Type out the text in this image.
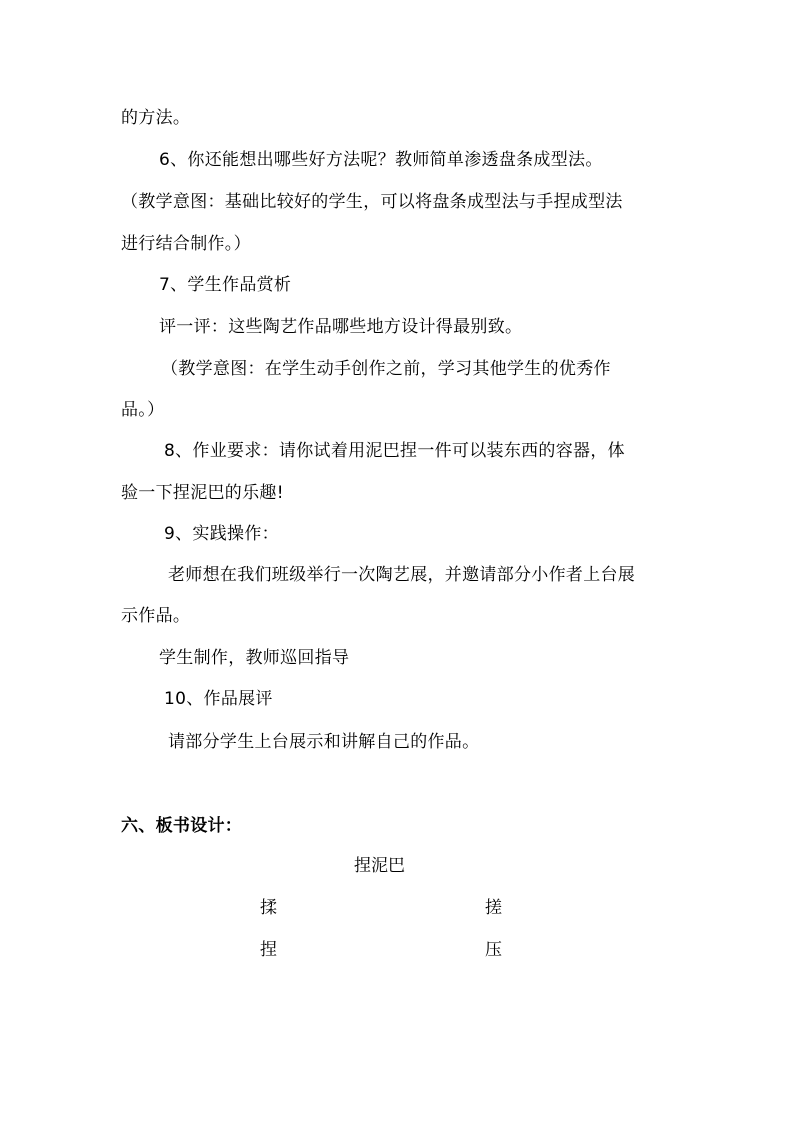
的方法。
6、你还能想出哪些好方法呢？教师简单渗透盘条成型法。
（教学意图：基础比较好的学生，可以将盘条成型法与手捏成型法
进行结合制作。）
7、学生作品赏析
评一评：这些陶艺作品哪些地方设计得最别致。
（教学意图：在学生动手创作之前，学习其他学生的优秀作
品。）
8、作业要求：请你试着用泥巴捏一件可以装东西的容器，体
验一下捏泥巴的乐趣!
9、实践操作：
老师想在我们班级举行一次陶艺展，并邀请部分小作者上台展
示作品。
学生制作，教师巡回指导
10、作品展评
请部分学生上台展示和讲解自己的作品。
六、板书设计：
捏泥巴
揉	搓
捏	压
